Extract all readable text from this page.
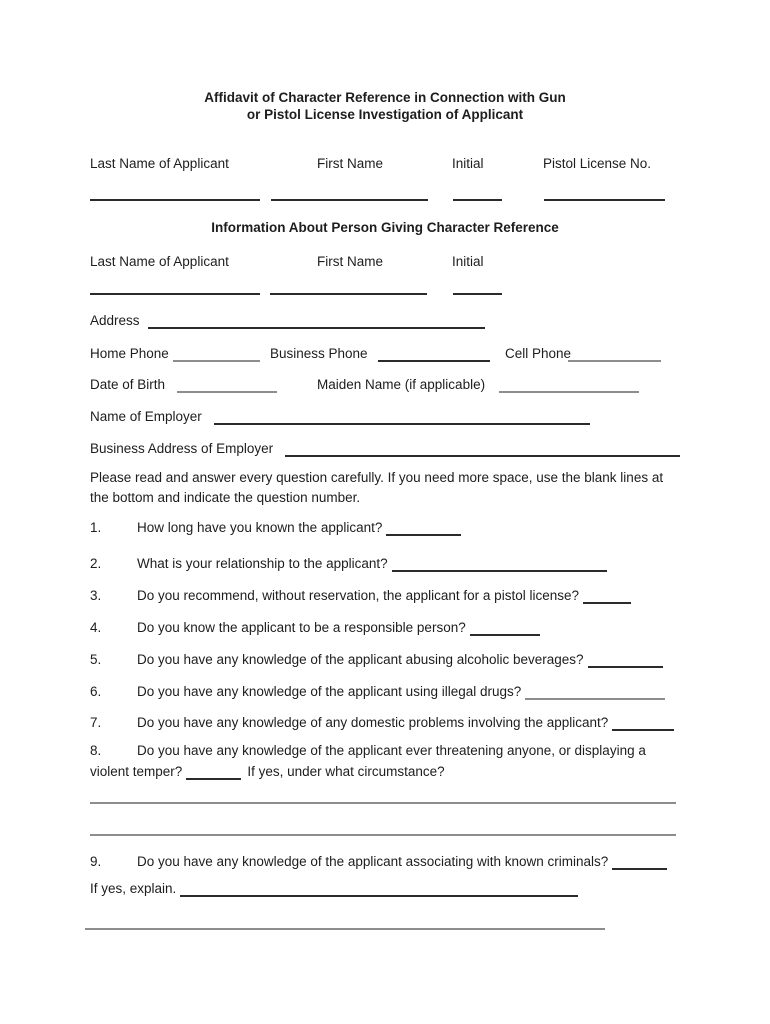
Affidavit of Character Reference in Connection with Gun
or Pistol License Investigation of Applicant
Last Name of Applicant	First Name	Initial	Pistol License No.
Information About Person Giving Character Reference
Last Name of Applicant	First Name	Initial
Address
Home Phone	Business Phone	Cell Phone
Date of Birth	Maiden Name (if applicable)
Name of Employer
Business Address of Employer
Please read and answer every question carefully. If you need more space, use the blank lines at
the bottom and indicate the question number.
1.	How long have you known the applicant?
2.	What is your relationship to the applicant?
3.	Do you recommend, without reservation, the applicant for a pistol license?
4.	Do you know the applicant to be a responsible person?
5.	Do you have any knowledge of the applicant abusing alcoholic beverages?
6.	Do you have any knowledge of the applicant using illegal drugs?
7.	Do you have any knowledge of any domestic problems involving the applicant?
8.	Do you have any knowledge of the applicant ever threatening anyone, or displaying a
violent temper?	If yes, under what circumstance?
9.	Do you have any knowledge of the applicant associating with known criminals?
If yes, explain.
